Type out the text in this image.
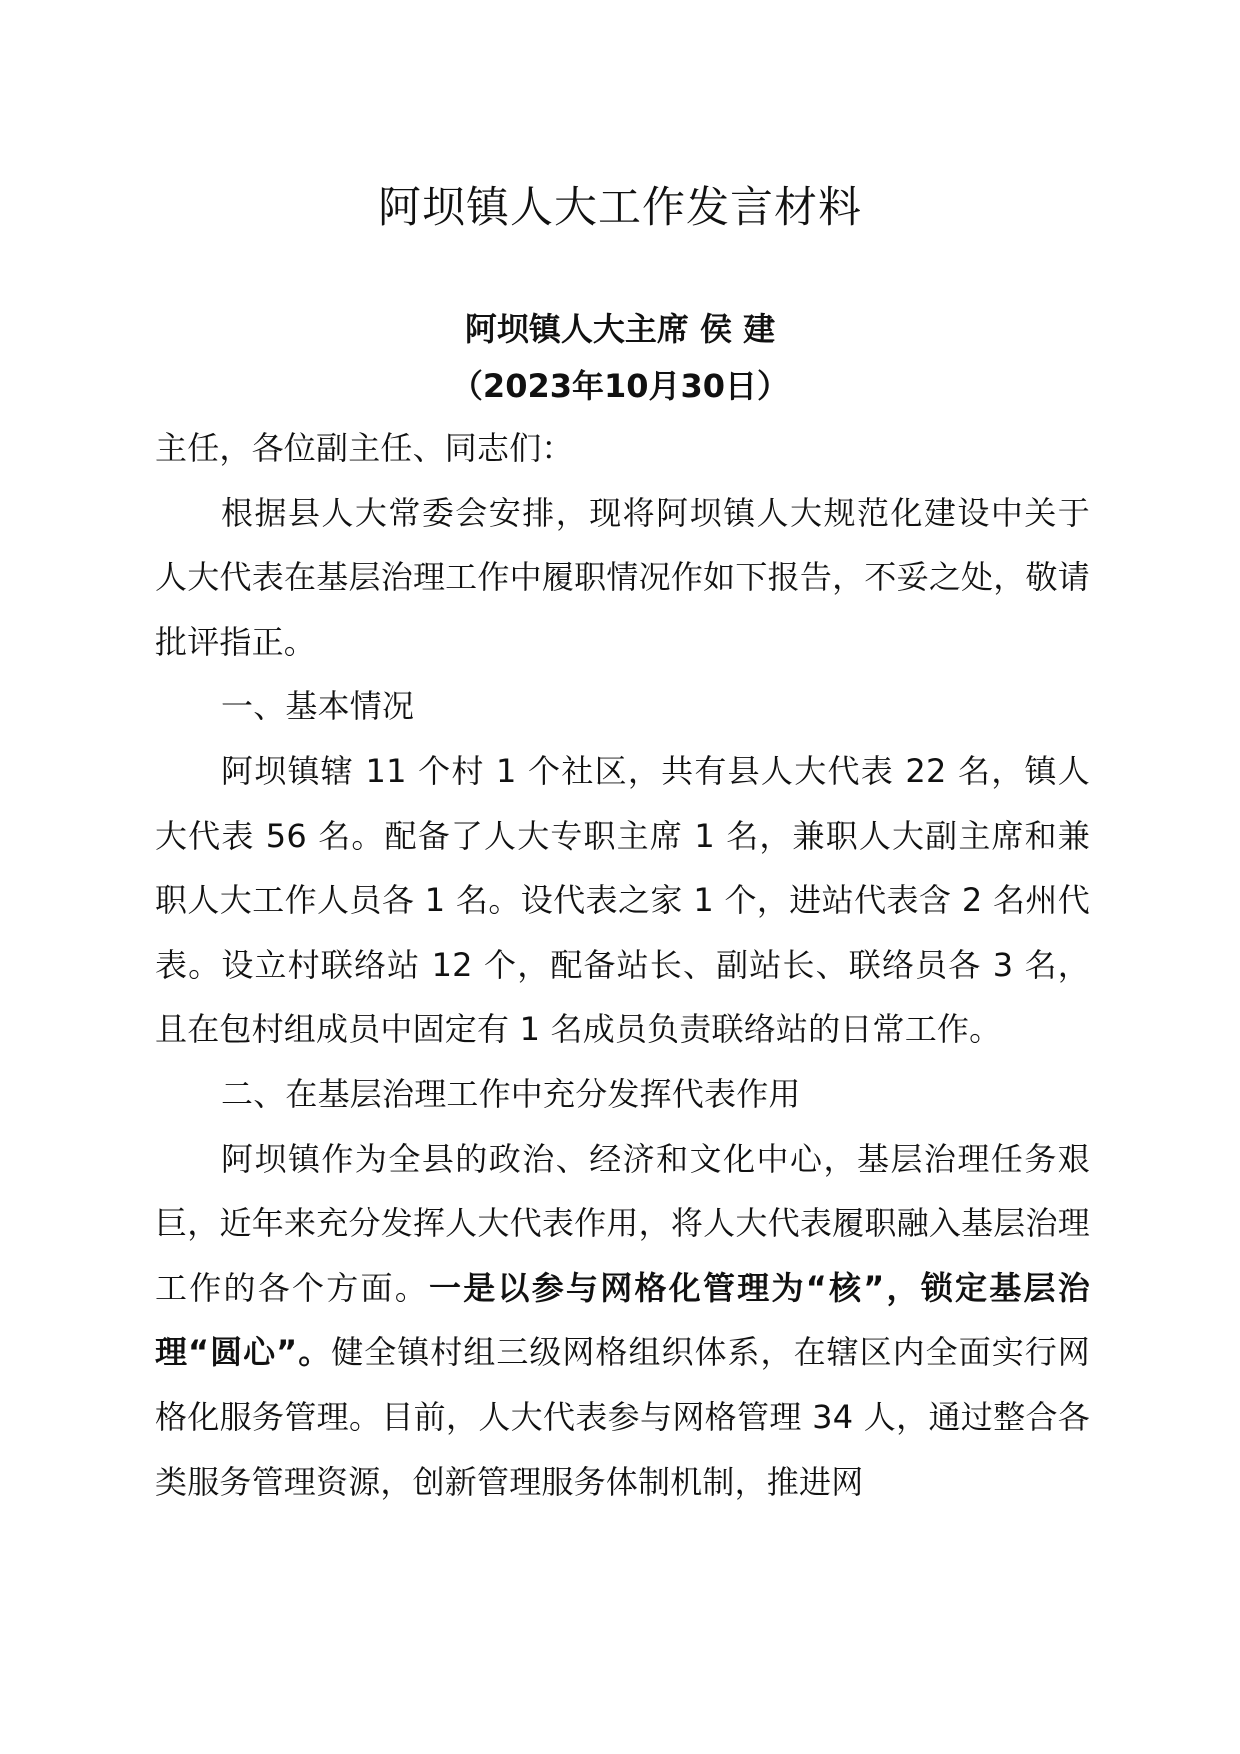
阿坝镇人大工作发言材料

阿坝镇人大主席 侯 建

（2023年10月30日）

主任，各位副主任、同志们：

根据县人大常委会安排，现将阿坝镇人大规范化建设中关于人大代表在基层治理工作中履职情况作如下报告，不妥之处，敬请批评指正。

一、基本情况

阿坝镇辖 11 个村 1 个社区，共有县人大代表 22 名，镇人大代表 56 名。配备了人大专职主席 1 名，兼职人大副主席和兼职人大工作人员各 1 名。设代表之家 1 个，进站代表含 2 名州代表。设立村联络站 12 个，配备站长、副站长、联络员各 3 名，且在包村组成员中固定有 1 名成员负责联络站的日常工作。

二、在基层治理工作中充分发挥代表作用

阿坝镇作为全县的政治、经济和文化中心，基层治理任务艰巨，近年来充分发挥人大代表作用，将人大代表履职融入基层治理工作的各个方面。一是以参与网格化管理为“核”，锁定基层治理“圆心”。健全镇村组三级网格组织体系，在辖区内全面实行网格化服务管理。目前，人大代表参与网格管理 34 人，通过整合各类服务管理资源，创新管理服务体制机制，推进网
